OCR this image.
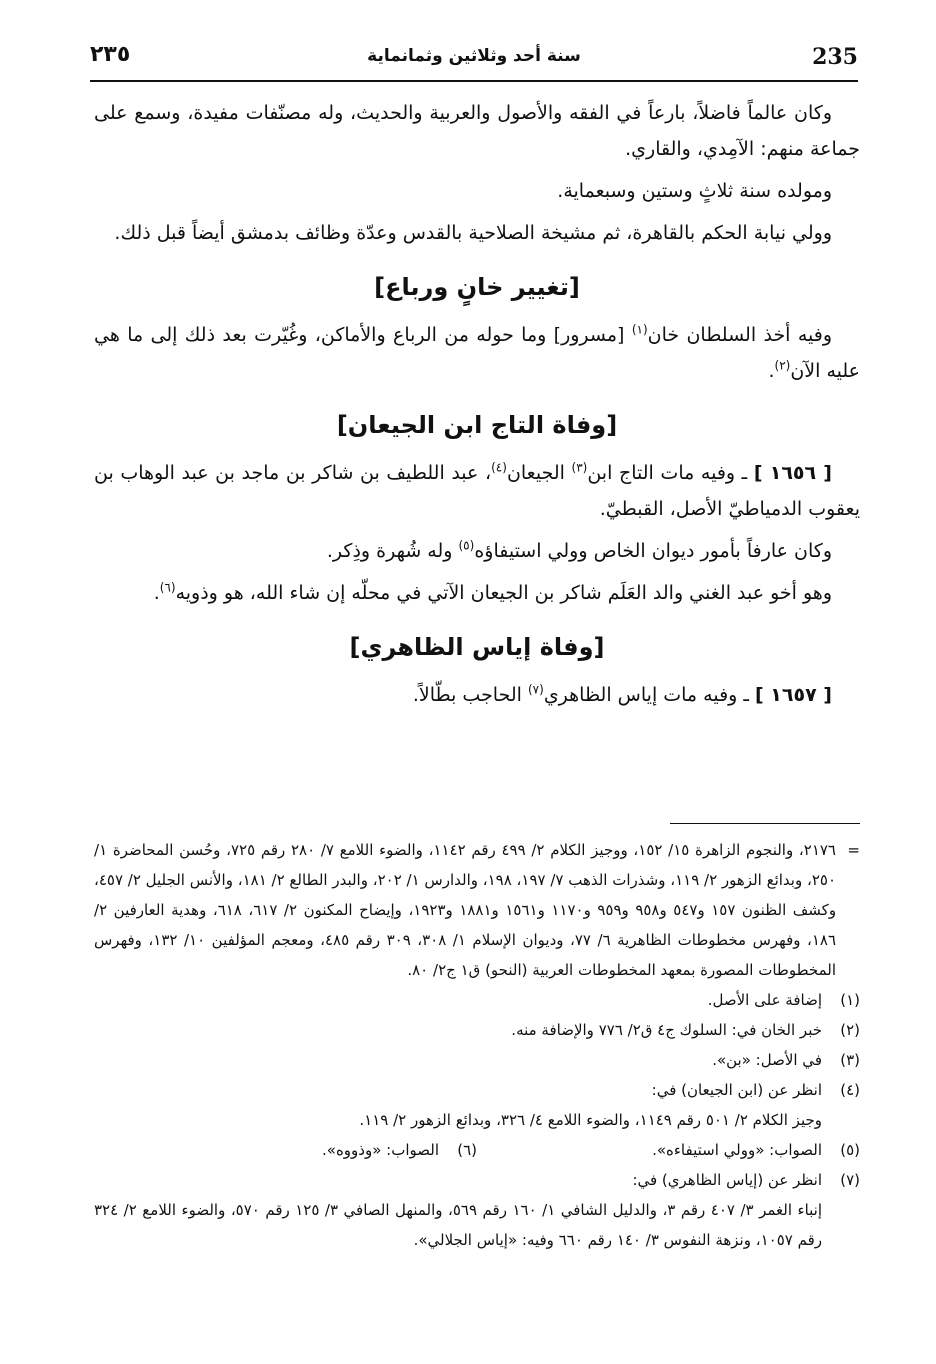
235
سنة أحد وثلاثين وثمانماية
٢٣٥

وكان عالماً فاضلاً، بارعاً في الفقه والأصول والعربية والحديث، وله مصنّفات مفيدة، وسمع على جماعة منهم: الآمِدي، والقاري.

ومولده سنة ثلاثٍ وستين وسبعماية.

وولي نيابة الحكم بالقاهرة، ثم مشيخة الصلاحية بالقدس وعدّة وظائف بدمشق أيضاً قبل ذلك.

[تغيير خانٍ ورباع]

وفيه أخذ السلطان خان$^{(١)}$ [مسرور] وما حوله من الرباع والأماكن، وغُيّرت بعد ذلك إلى ما هي عليه الآن$^{(٢)}$.

[وفاة التاج ابن الجيعان]

[ ١٦٥٦ ] ـ وفيه مات التاج ابن$^{(٣)}$ الجيعان$^{(٤)}$، عبد اللطيف بن شاكر بن ماجد بن عبد الوهاب بن يعقوب الدمياطيّ الأصل، القبطيّ.

وكان عارفاً بأمور ديوان الخاص وولي استيفاؤه$^{(٥)}$ وله شُهرة وذِكر.

وهو أخو عبد الغني والد العَلَم شاكر بن الجيعان الآتي في محلّه إن شاء الله، هو وذويه$^{(٦)}$.

[وفاة إياس الظاهري]

[ ١٦٥٧ ] ـ وفيه مات إياس الظاهري$^{(٧)}$ الحاجب بطّالاً.

=
٢١٧٦، والنجوم الزاهرة ١٥/ ١٥٢، ووجيز الكلام ٢/ ٤٩٩ رقم ١١٤٢، والضوء اللامع ٧/ ٢٨٠ رقم ٧٢٥، وحُسن المحاضرة ١/ ٢٥٠، وبدائع الزهور ٢/ ١١٩، وشذرات الذهب ٧/ ١٩٧، ١٩٨، والدارس ١/ ٢٠٢، والبدر الطالع ٢/ ١٨١، والأنس الجليل ٢/ ٤٥٧، وكشف الظنون ١٥٧ و٥٤٧ و٩٥٨ و٩٥٩ و١١٧٠ و١٥٦١ و١٨٨١ و١٩٢٣، وإيضاح المكنون ٢/ ٦١٧، ٦١٨، وهدية العارفين ٢/ ١٨٦، وفهرس مخطوطات الظاهرية ٦/ ٧٧، وديوان الإسلام ١/ ٣٠٨، ٣٠٩ رقم ٤٨٥، ومعجم المؤلفين ١٠/ ١٣٢، وفهرس المخطوطات المصورة بمعهد المخطوطات العربية (النحو) ق١ ج٢/ ٨٠.
(١)
إضافة على الأصل.
(٢)
خبر الخان في: السلوك ج٤ ق٢/ ٧٧٦ والإضافة منه.
(٣)
في الأصل: «بن».
(٤)
انظر عن (ابن الجيعان) في:
وجيز الكلام ٢/ ٥٠١ رقم ١١٤٩، والضوء اللامع ٤/ ٣٢٦، وبدائع الزهور ٢/ ١١٩.
(٥)
الصواب: «وولي استيفاءه».
(٦)
الصواب: «وذووه».
(٧)
انظر عن (إياس الظاهري) في:
إنباء الغمر ٣/ ٤٠٧ رقم ٣، والدليل الشافي ١/ ١٦٠ رقم ٥٦٩، والمنهل الصافي ٣/ ١٢٥ رقم ٥٧٠، والضوء اللامع ٢/ ٣٢٤ رقم ١٠٥٧، ونزهة النفوس ٣/ ١٤٠ رقم ٦٦٠ وفيه: «إياس الجلالي».
